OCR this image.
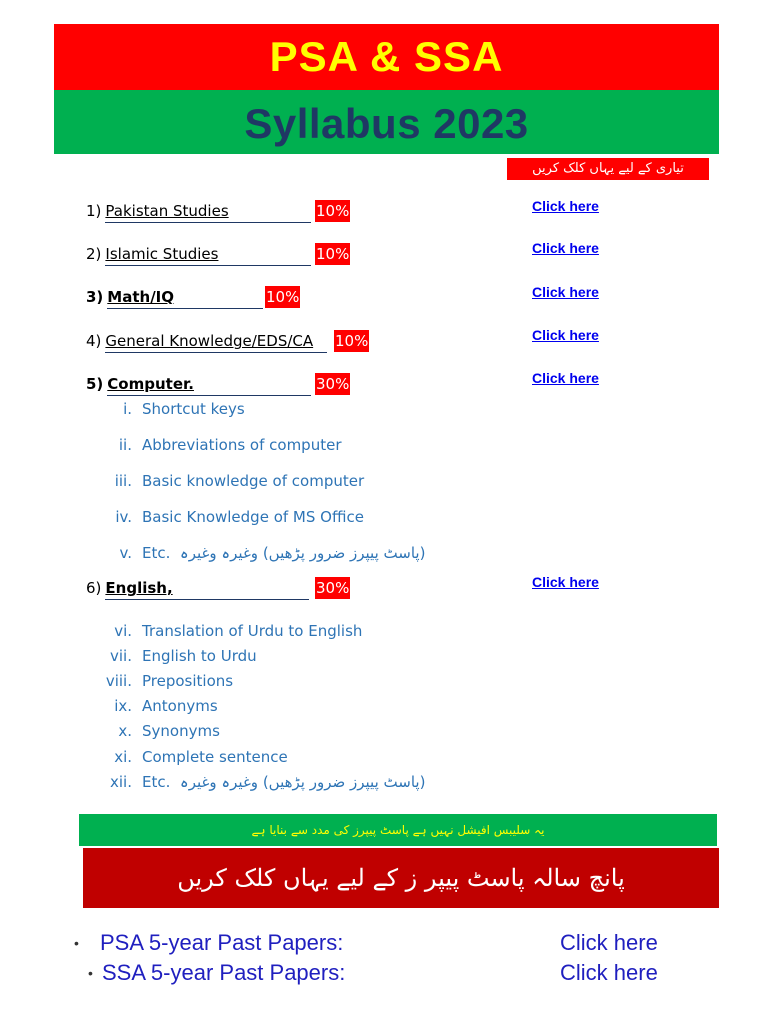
PSA & SSA
Syllabus 2023
تیاری کے لیے یہاں کلک کریں
1) Pakistan Studies	10%	Click here
2) Islamic Studies	10%	Click here
3) Math/IQ	10%	Click here
4) General Knowledge/EDS/CA 10%	Click here
5) Computer.	30%	Click here
i. Shortcut keys
ii. Abbreviations of computer
iii. Basic knowledge of computer
iv. Basic Knowledge of MS Office
v. Etc. (پاسٹ پیپرز ضرور پڑھیں) وغیرہ وغیرہ
6) English,	30%	Click here
vi. Translation of Urdu to English
vii. English to Urdu
viii. Prepositions
ix. Antonyms
x. Synonyms
xi. Complete sentence
xii. Etc. (پاسٹ پیپرز ضرور پڑھیں) وغیرہ وغیرہ
یہ سلیبس افیشل نہیں ہے پاسٹ پیپرز کی مدد سے بنایا ہے
پانچ سالہ پاسٹ پیپر ز کے لیے یہاں کلک کریں
• PSA 5-year Past Papers:	Click here
• SSA 5-year Past Papers:	Click here
